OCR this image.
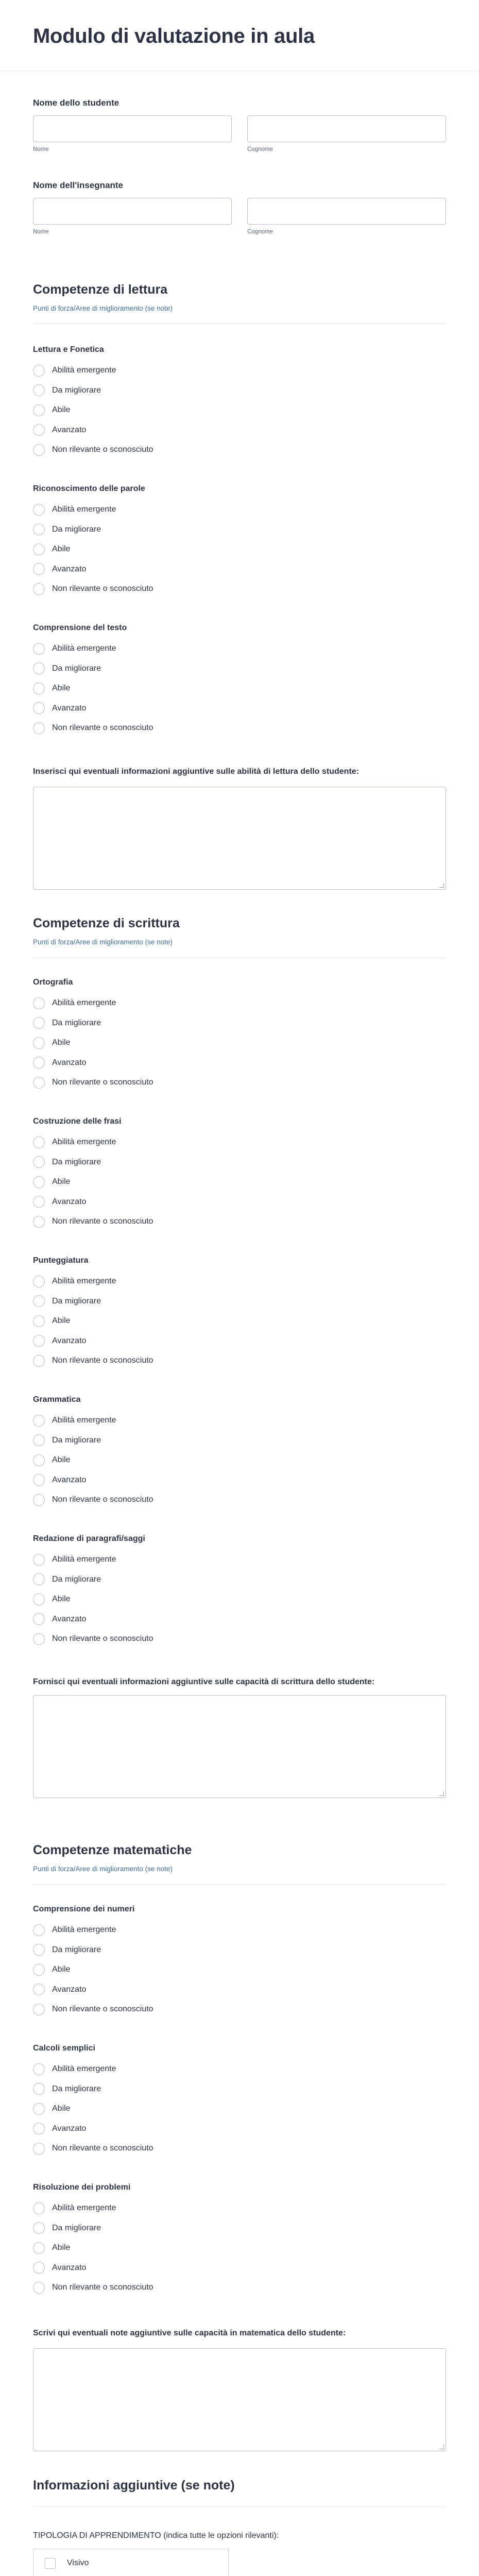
Modulo di valutazione in aula
Nome dello studente
Nome	Cognome
Nome dell'insegnante
Nome	Cognome
Competenze di lettura
Punti di forza/Aree di miglioramento (se note)
Inserisci qui eventuali informazioni aggiuntive sulle abilità di lettura dello studente:
Competenze di scrittura
Punti di forza/Aree di miglioramento (se note)
Fornisci qui eventuali informazioni aggiuntive sulle capacità di scrittura dello studente:
Competenze matematiche
Punti di forza/Aree di miglioramento (se note)
Scrivi qui eventuali note aggiuntive sulle capacità in matematica dello studente:
Informazioni aggiuntive (se note)
TIPOLOGIA DI APPRENDIMENTO (indica tutte le opzioni rilevanti):
Visivo
Lettura e Fonetica
Abilità emergente
Da migliorare
Abile
Avanzato
Non rilevante o sconosciuto
Riconoscimento delle parole
Abilità emergente
Da migliorare
Abile
Avanzato
Non rilevante o sconosciuto
Comprensione del testo
Abilità emergente
Da migliorare
Abile
Avanzato
Non rilevante o sconosciuto
Ortografia
Abilità emergente
Da migliorare
Abile
Avanzato
Non rilevante o sconosciuto
Costruzione delle frasi
Abilità emergente
Da migliorare
Abile
Avanzato
Non rilevante o sconosciuto
Punteggiatura
Abilità emergente
Da migliorare
Abile
Avanzato
Non rilevante o sconosciuto
Grammatica
Abilità emergente
Da migliorare
Abile
Avanzato
Non rilevante o sconosciuto
Redazione di paragrafi/saggi
Abilità emergente
Da migliorare
Abile
Avanzato
Non rilevante o sconosciuto
Comprensione dei numeri
Abilità emergente
Da migliorare
Abile
Avanzato
Non rilevante o sconosciuto
Calcoli semplici
Abilità emergente
Da migliorare
Abile
Avanzato
Non rilevante o sconosciuto
Risoluzione dei problemi
Abilità emergente
Da migliorare
Abile
Avanzato
Non rilevante o sconosciuto
